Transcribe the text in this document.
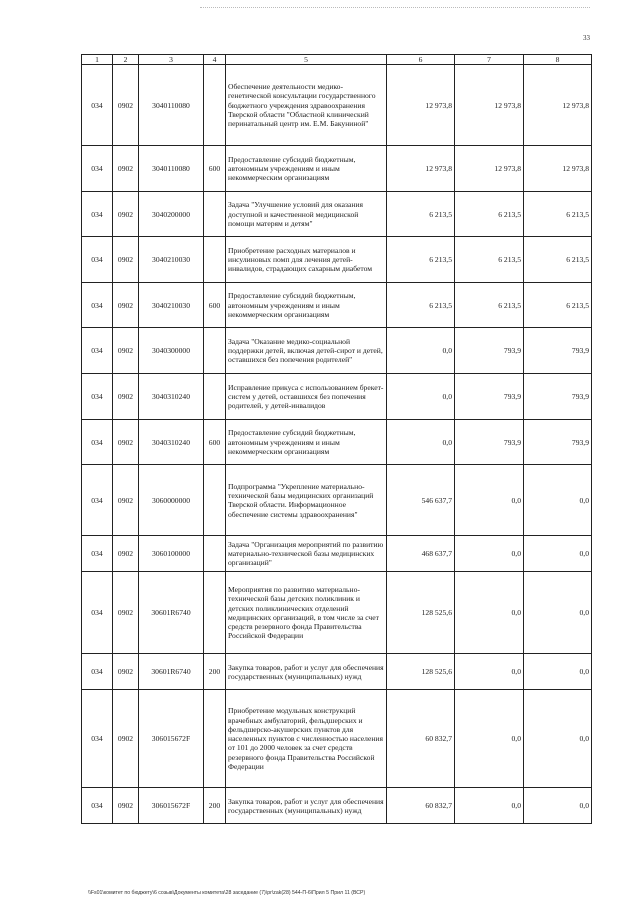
33
1	2	3	4	5	6	7	8
034	0902	3040110080		Обеспечение деятельности медико-генетической консультации государственного бюджетного учреждения здравоохранения Тверской области "Областной клинический перинатальный центр им. Е.М. Бакуниной"	12 973,8	12 973,8	12 973,8
034	0902	3040110080	600	Предоставление субсидий бюджетным, автономным учреждениям и иным некоммерческим организациям	12 973,8	12 973,8	12 973,8
034	0902	3040200000		Задача "Улучшение условий для оказания доступной и качественной медицинской помощи матерям и детям"	6 213,5	6 213,5	6 213,5
034	0902	3040210030		Приобретение расходных материалов и инсулиновых помп для лечения детей-инвалидов, страдающих сахарным диабетом	6 213,5	6 213,5	6 213,5
034	0902	3040210030	600	Предоставление субсидий бюджетным, автономным учреждениям и иным некоммерческим организациям	6 213,5	6 213,5	6 213,5
034	0902	3040300000		Задача "Оказание медико-социальной поддержки детей, включая детей-сирот и детей, оставшихся без попечения родителей"	0,0	793,9	793,9
034	0902	3040310240		Исправление прикуса с использованием брекет-систем у детей, оставшихся без попечения родителей, у детей-инвалидов	0,0	793,9	793,9
034	0902	3040310240	600	Предоставление субсидий бюджетным, автономным учреждениям и иным некоммерческим организациям	0,0	793,9	793,9
034	0902	3060000000		Подпрограмма "Укрепление материально-технической базы медицинских организаций Тверской области. Информационное обеспечение системы здравоохранения"	546 637,7	0,0	0,0
034	0902	3060100000		Задача "Организация мероприятий по развитию материально-технической базы медицинских организаций"	468 637,7	0,0	0,0
034	0902	30601R6740		Мероприятия по развитию материально-технической базы детских поликлиник и детских поликлинических отделений медицинских организаций, в том числе за счет средств резервного фонда Правительства Российской Федерации	128 525,6	0,0	0,0
034	0902	30601R6740	200	Закупка товаров, работ и услуг для обеспечения государственных (муниципальных) нужд	128 525,6	0,0	0,0
034	0902	306015672F		Приобретение модульных конструкций врачебных амбулаторий, фельдшерских и фельдшерско-акушерских пунктов для населенных пунктов с численностью населения от 101 до 2000 человек за счет средств резервного фонда Правительства Российской Федерации	60 832,7	0,0	0,0
034	0902	306015672F	200	Закупка товаров, работ и услуг для обеспечения государственных (муниципальных) нужд	60 832,7	0,0	0,0
\\Fs01\комитет по бюджету\6 созыв\Документы комитета\28 заседание (7)\pr\zak(28) 544-П-6\Прил 5 Прил 11 (ВСР)
